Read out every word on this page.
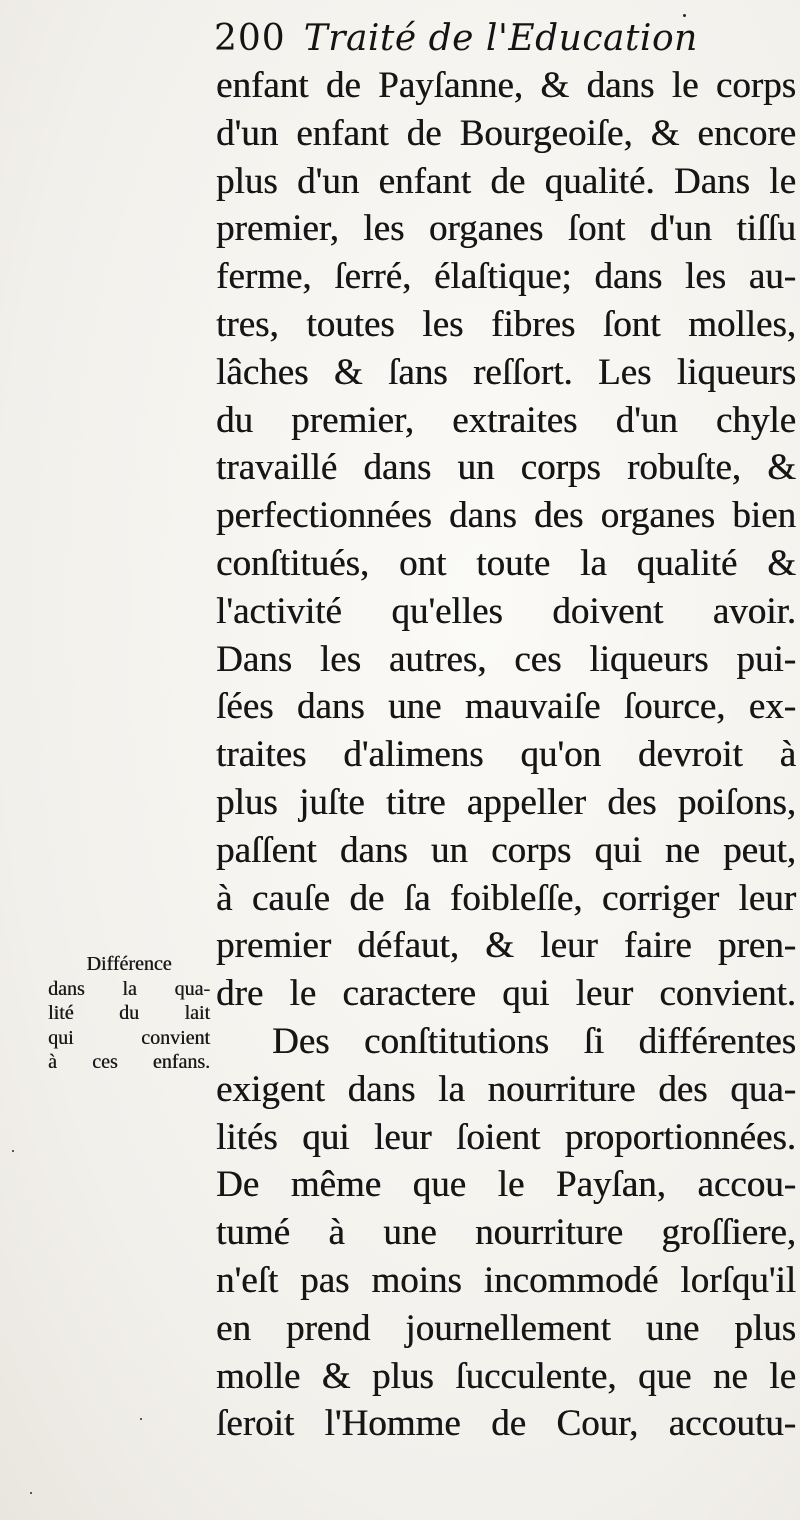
200 Traité de l'Education
enfant de Payſanne, & dans le corps
d'un enfant de Bourgeoiſe, & encore
plus d'un enfant de qualité. Dans le
premier, les organes ſont d'un tiſſu
ferme, ſerré, élaſtique; dans les au-
tres, toutes les fibres ſont molles,
lâches & ſans reſſort. Les liqueurs
du premier, extraites d'un chyle
travaillé dans un corps robuſte, &
perfectionnées dans des organes bien
conſtitués, ont toute la qualité &
l'activité qu'elles doivent avoir.
Dans les autres, ces liqueurs pui-
ſées dans une mauvaiſe ſource, ex-
traites d'alimens qu'on devroit à
plus juſte titre appeller des poiſons,
paſſent dans un corps qui ne peut,
à cauſe de ſa foibleſſe, corriger leur
premier défaut, & leur faire pren-
dre le caractere qui leur convient.
Des conſtitutions ſi différentes
exigent dans la nourriture des qua-
lités qui leur ſoient proportionnées.
De même que le Payſan, accou-
tumé à une nourriture groſſiere,
n'eſt pas moins incommodé lorſqu'il
en prend journellement une plus
molle & plus ſucculente, que ne le
ſeroit l'Homme de Cour, accoutu-
Différence
dans la qua-
lité du lait
qui convient
à ces enfans.
